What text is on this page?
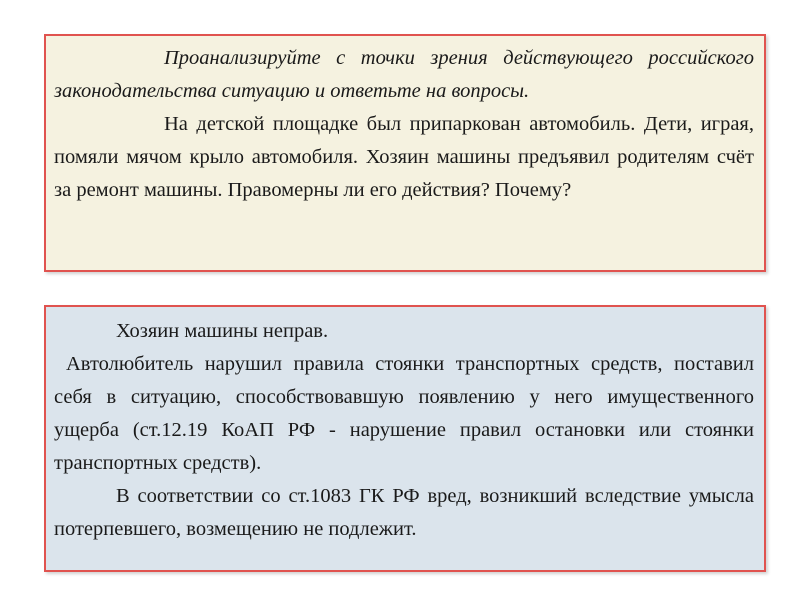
Проанализируйте с точки зрения действующего российского законодательства ситуацию и ответьте на вопросы.

На детской площадке был припаркован автомобиль. Дети, играя, помяли мячом крыло автомобиля. Хозяин машины предъявил родителям счёт за ремонт машины. Правомерны ли его действия? Почему?

Хозяин машины неправ.

Автолюбитель нарушил правила стоянки транспортных средств, поставил себя в ситуацию, способствовавшую появлению у него имущественного ущерба (ст.12.19 КоАП РФ - нарушение правил остановки или стоянки транспортных средств).

В соответствии со ст.1083 ГК РФ вред, возникший вследствие умысла потерпевшего, возмещению не подлежит.
